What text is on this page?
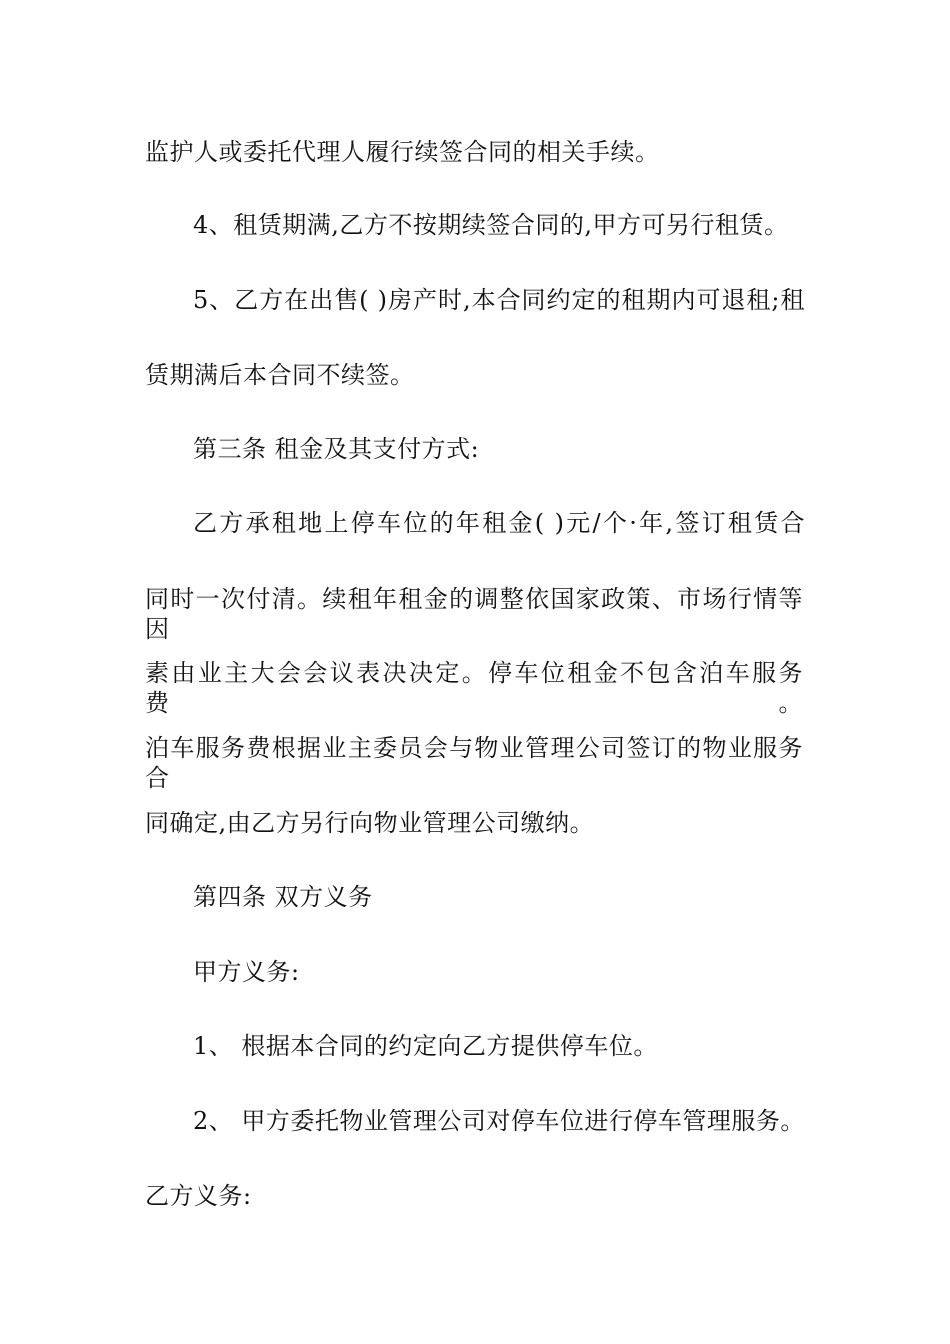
监护人或委托代理人履行续签合同的相关手续。
4、租赁期满,乙方不按期续签合同的,甲方可另行租赁。
5、乙方在出售( )房产时,本合同约定的租期内可退租;租
赁期满后本合同不续签。
第三条 租金及其支付方式:
乙方承租地上停车位的年租金( )元/个·年,签订租赁合
同时一次付清。续租年租金的调整依国家政策、市场行情等因
素由业主大会会议表决决定。停车位租金不包含泊车服务费。
泊车服务费根据业主委员会与物业管理公司签订的物业服务合
同确定,由乙方另行向物业管理公司缴纳。
第四条 双方义务
甲方义务:
1、 根据本合同的约定向乙方提供停车位。
2、 甲方委托物业管理公司对停车位进行停车管理服务。
乙方义务:
